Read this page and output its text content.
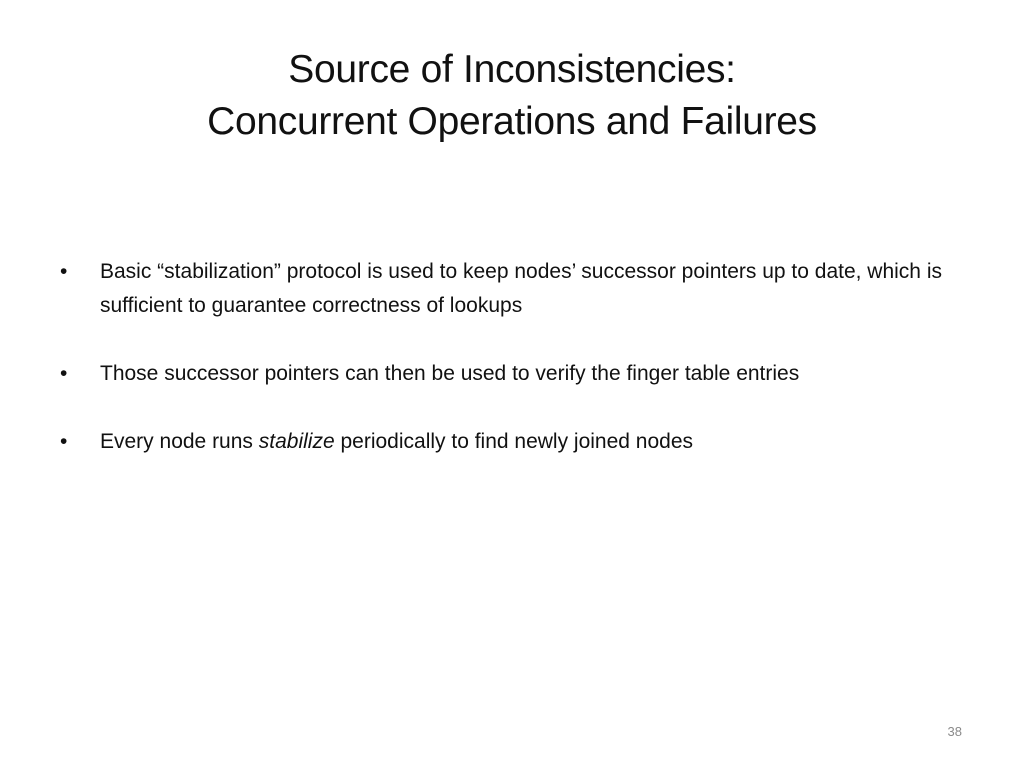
Source of Inconsistencies:
Concurrent Operations and Failures
•	Basic “stabilization” protocol is used to keep nodes’ successor pointers up to date, which is sufficient to guarantee correctness of lookups
•	Those successor pointers can then be used to verify the finger table entries
•	Every node runs stabilize periodically to find newly joined nodes
38
